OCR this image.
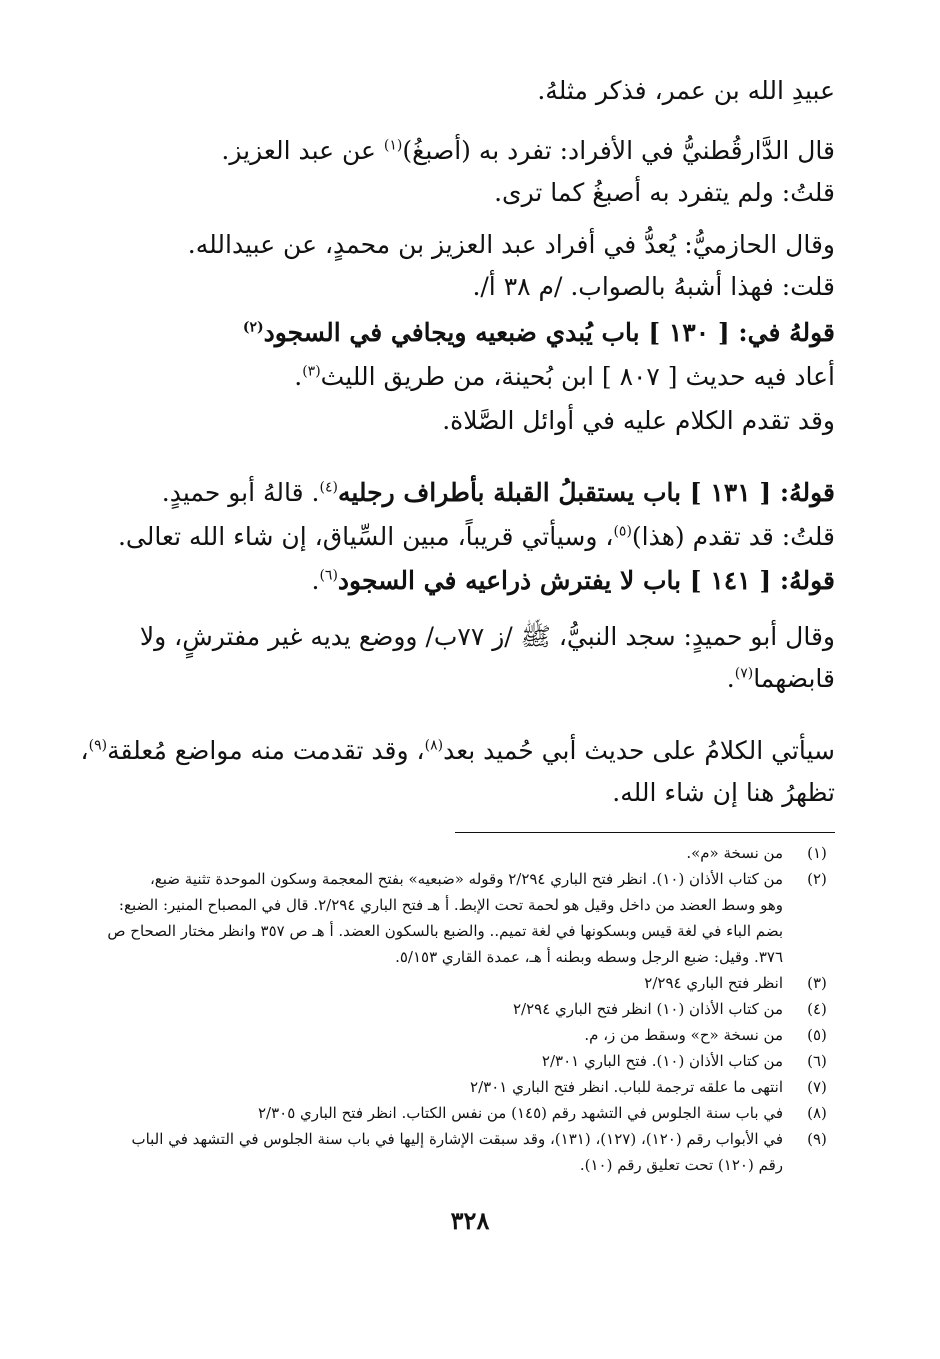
عبيدِ الله بن عمر، فذكر مثلهُ.
قال الدَّارقُطنيُّ في الأفراد: تفرد به (أصبغُ)$^{(١)}$ عن عبد العزيز.
قلتُ: ولم يتفرد به أصبغُ كما ترى.
وقال الحازميُّ: يُعدُّ في أفراد عبد العزيز بن محمدٍ، عن عبيدالله.
قلت: فهذا أشبهُ بالصواب. /م ٣٨ أ/.
قولهُ في: [ ١٣٠ ] باب يُبدي ضبعيه ويجافي في السجود$^{(٢)}$
أعاد فيه حديث [ ٨٠٧ ] ابن بُحينة، من طريق الليث$^{(٣)}$.
وقد تقدم الكلام عليه في أوائل الصَّلاة.
قولهُ: [ ١٣١ ] باب يستقبلُ القبلة بأطراف رجليه$^{(٤)}$. قالهُ أبو حميدٍ.
قلتُ: قد تقدم (هذا)$^{(٥)}$، وسيأتي قريباً، مبين السِّياق، إن شاء الله تعالى.
قولهُ: [ ١٤١ ] باب لا يفترش ذراعيه في السجود$^{(٦)}$.
وقال أبو حميدٍ: سجد النبيُّ، ﷺ /ز ٧٧ب/ ووضع يديه غير مفترشٍ، ولا
قابضهما$^{(٧)}$.
سيأتي الكلامُ على حديث أبي حُميد بعد$^{(٨)}$، وقد تقدمت منه مواضع مُعلقة$^{(٩)}$،
تظهرُ هنا إن شاء الله.
(١)
من نسخة «م».
(٢)
من كتاب الأذان (١٠). انظر فتح الباري ٢/٢٩٤ وقوله «ضبعيه» بفتح المعجمة وسكون الموحدة تثنية ضبع،
وهو وسط العضد من داخل وقيل هو لحمة تحت الإبط. أ هـ فتح الباري ٢/٢٩٤. قال في المصباح المنير: الضبع:
بضم الباء في لغة قيس وبسكونها في لغة تميم.. والضبع بالسكون العضد. أ هـ ص ٣٥٧ وانظر مختار الصحاح ص
٣٧٦. وقيل: ضبع الرجل وسطه وبطنه أ هـ، عمدة القاري ٥/١٥٣.
(٣)
انظر فتح الباري ٢/٢٩٤
(٤)
من كتاب الأذان (١٠) انظر فتح الباري ٢/٢٩٤
(٥)
من نسخة «ح» وسقط من ز، م.
(٦)
من كتاب الأذان (١٠). فتح الباري ٢/٣٠١
(٧)
انتهى ما علقه ترجمة للباب. انظر فتح الباري ٢/٣٠١
(٨)
في باب سنة الجلوس في التشهد رقم (١٤٥) من نفس الكتاب. انظر فتح الباري ٢/٣٠٥
(٩)
في الأبواب رقم (١٢٠)، (١٢٧)، (١٣١)، وقد سبقت الإشارة إليها في باب سنة الجلوس في التشهد في الباب
رقم (١٢٠) تحت تعليق رقم (١٠).
٣٢٨
